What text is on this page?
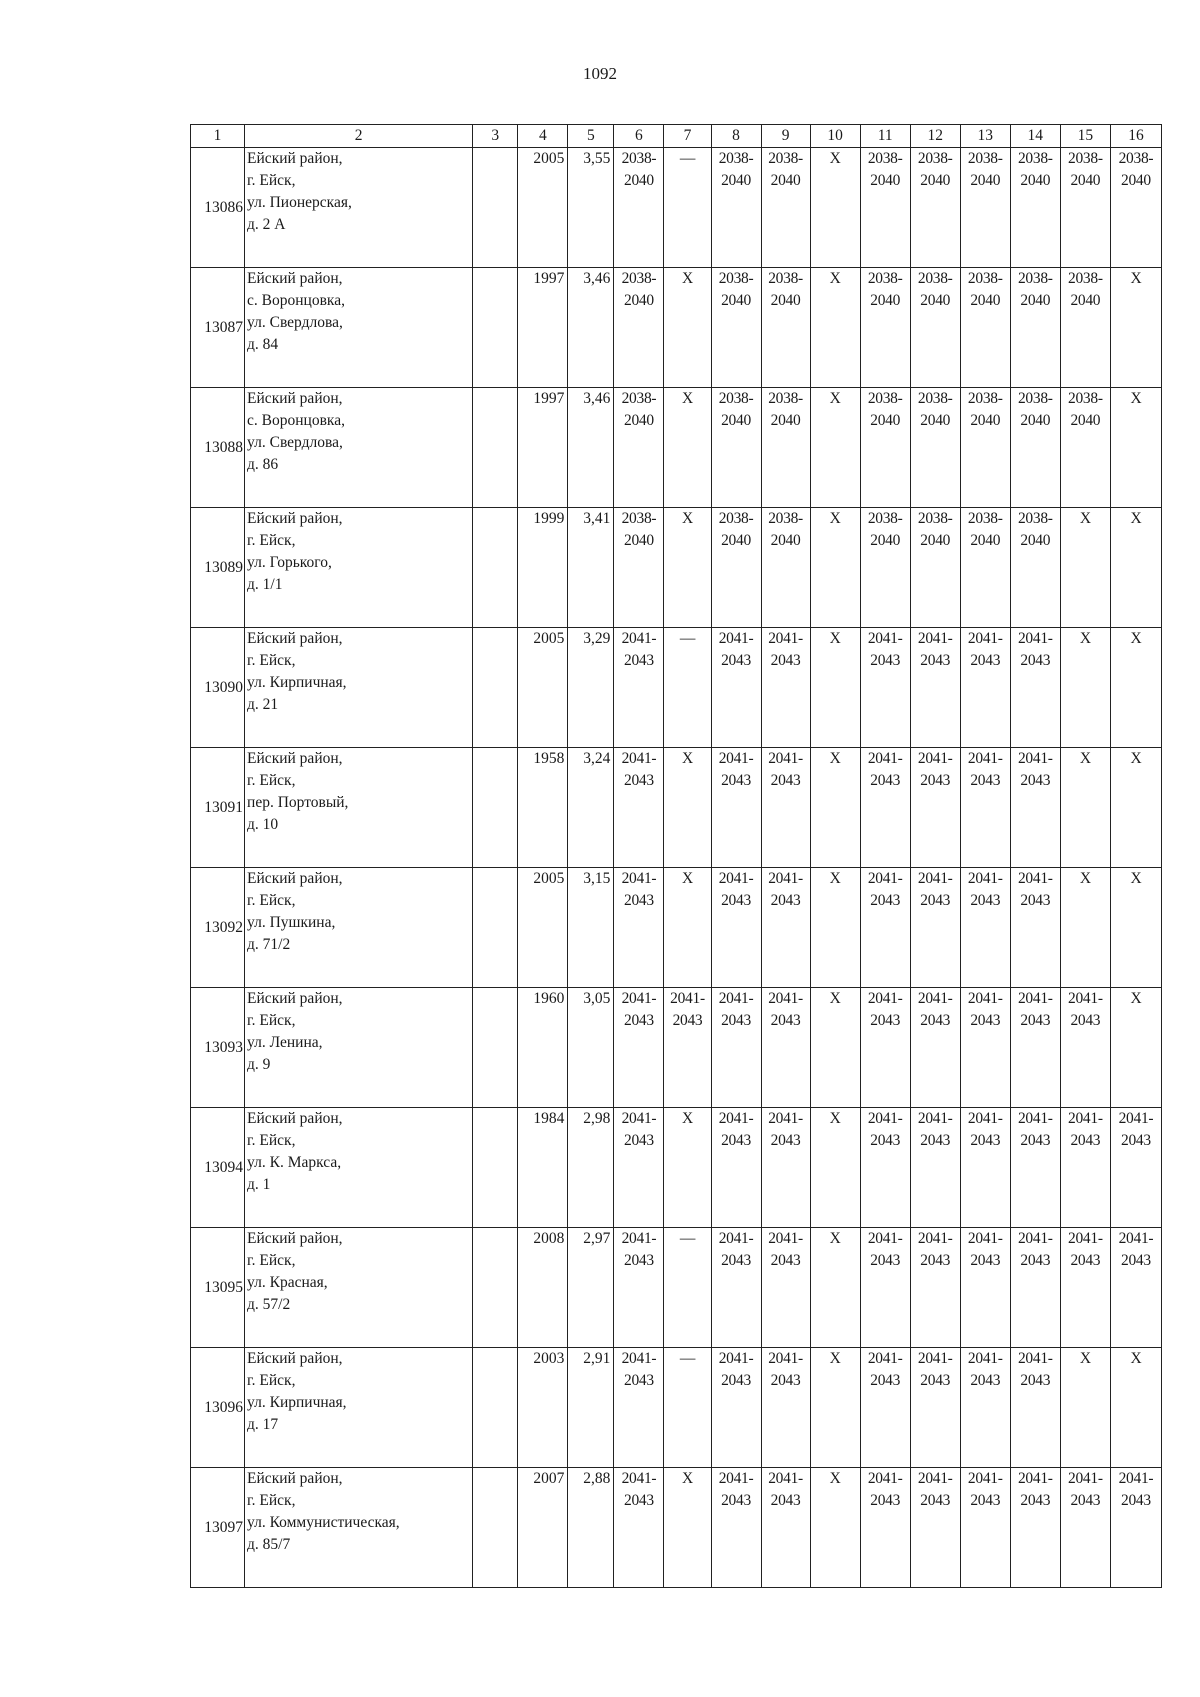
1092
1	2	3	4	5	6	7	8	9	10	11	12	13	14	15	16
13086	Ейский район,
г. Ейск,
ул. Пионерская,
д. 2 А		2005	3,55	2038-
2040	—	2038-
2040	2038-
2040	X	2038-
2040	2038-
2040	2038-
2040	2038-
2040	2038-
2040	2038-
2040

13087	Ейский район,
с. Воронцовка,
ул. Свердлова,
д. 84		1997	3,46	2038-
2040	X	2038-
2040	2038-
2040	X	2038-
2040	2038-
2040	2038-
2040	2038-
2040	2038-
2040	X
13088	Ейский район,
с. Воронцовка,
ул. Свердлова,
д. 86		1997	3,46	2038-
2040	X	2038-
2040	2038-
2040	X	2038-
2040	2038-
2040	2038-
2040	2038-
2040	2038-
2040	X
13089	Ейский район,
г. Ейск,
ул. Горького,
д. 1/1		1999	3,41	2038-
2040	X	2038-
2040	2038-
2040	X	2038-
2040	2038-
2040	2038-
2040	2038-
2040	X	X
13090	Ейский район,
г. Ейск,
ул. Кирпичная,
д. 21		2005	3,29	2041-
2043	—	2041-
2043	2041-
2043	X	2041-
2043	2041-
2043	2041-
2043	2041-
2043	X	X
13091	Ейский район,
г. Ейск,
пер. Портовый,
д. 10		1958	3,24	2041-
2043	X	2041-
2043	2041-
2043	X	2041-
2043	2041-
2043	2041-
2043	2041-
2043	X	X
13092	Ейский район,
г. Ейск,
ул. Пушкина,
д. 71/2		2005	3,15	2041-
2043	X	2041-
2043	2041-
2043	X	2041-
2043	2041-
2043	2041-
2043	2041-
2043	X	X
13093	Ейский район,
г. Ейск,
ул. Ленина,
д. 9		1960	3,05	2041-
2043	2041-
2043	2041-
2043	2041-
2043	X	2041-
2043	2041-
2043	2041-
2043	2041-
2043	2041-
2043	X
13094	Ейский район,
г. Ейск,
ул. К. Маркса,
д. 1		1984	2,98	2041-
2043	X	2041-
2043	2041-
2043	X	2041-
2043	2041-
2043	2041-
2043	2041-
2043	2041-
2043	2041-
2043

13095	Ейский район,
г. Ейск,
ул. Красная,
д. 57/2		2008	2,97	2041-
2043	—	2041-
2043	2041-
2043	X	2041-
2043	2041-
2043	2041-
2043	2041-
2043	2041-
2043	2041-
2043

13096	Ейский район,
г. Ейск,
ул. Кирпичная,
д. 17		2003	2,91	2041-
2043	—	2041-
2043	2041-
2043	X	2041-
2043	2041-
2043	2041-
2043	2041-
2043	X	X
13097	Ейский район,
г. Ейск,
ул. Коммунистическая,
д. 85/7		2007	2,88	2041-
2043	X	2041-
2043	2041-
2043	X	2041-
2043	2041-
2043	2041-
2043	2041-
2043	2041-
2043	2041-
2043
